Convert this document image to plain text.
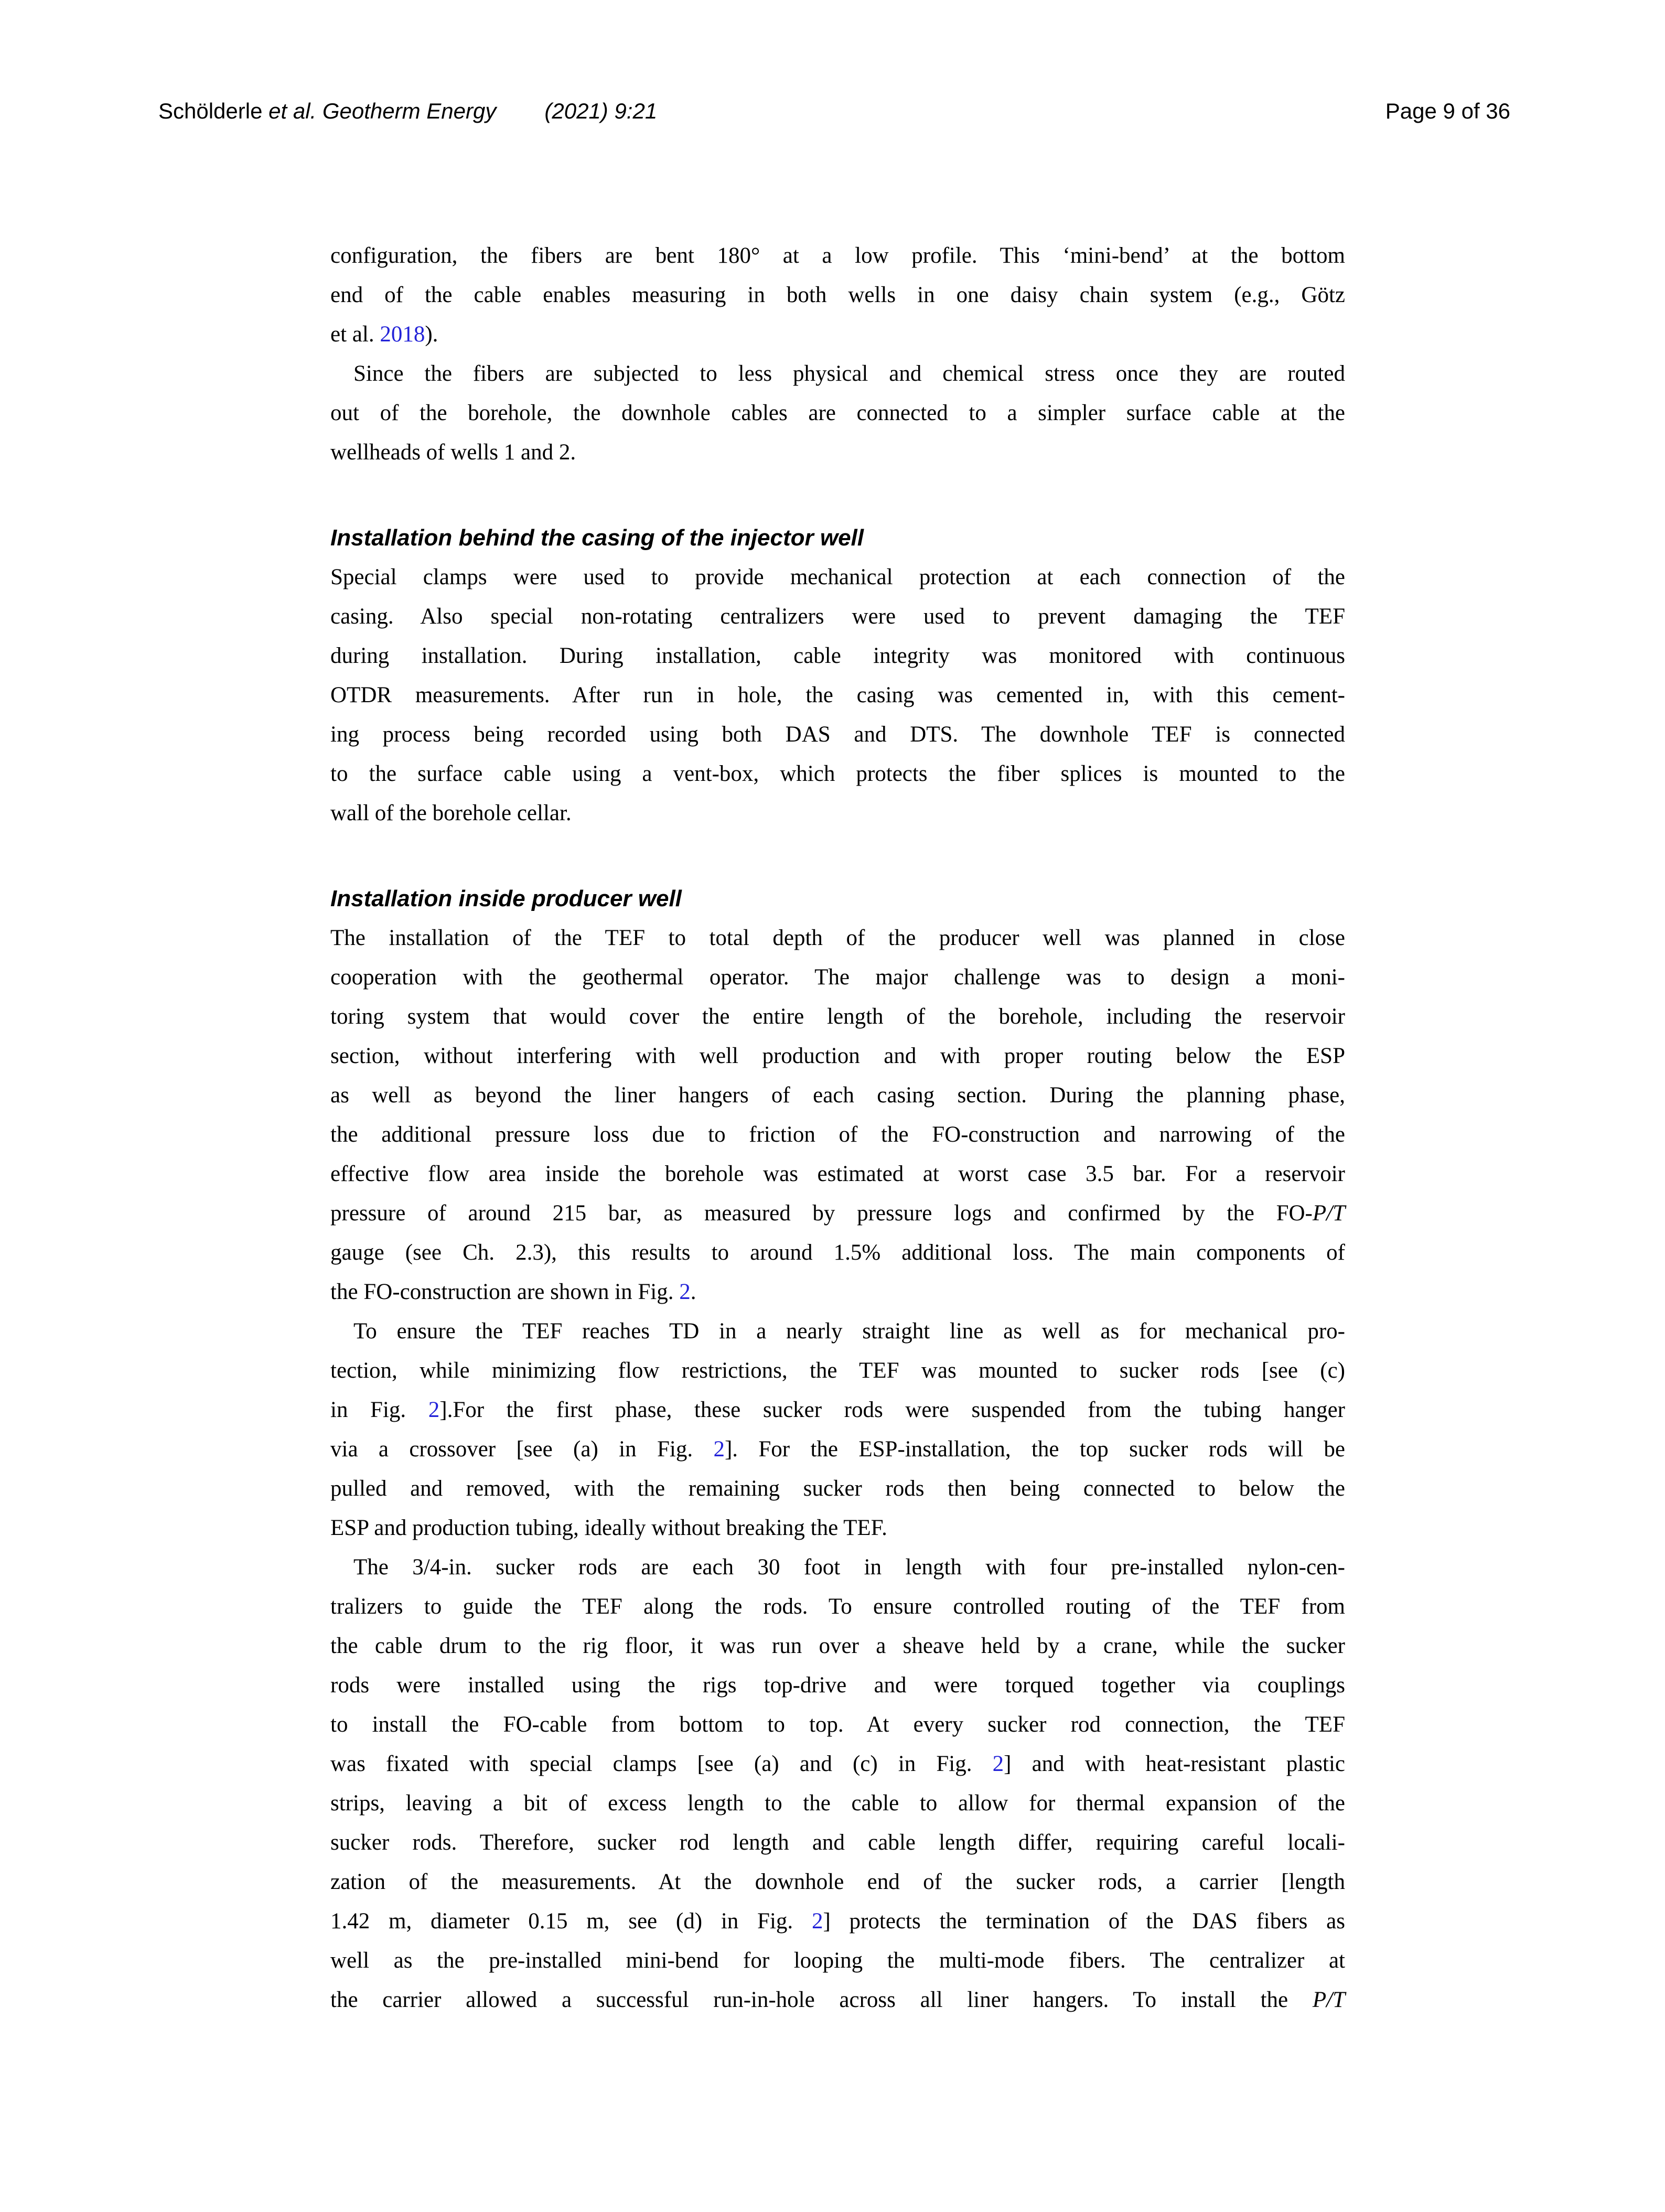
Schölderle et al. Geotherm Energy (2021) 9:21	Page 9 of 36
configuration, the fibers are bent 180° at a low profile. This ‘mini-bend’ at the bottom
end of the cable enables measuring in both wells in one daisy chain system (e.g., Götz
et al. 2018).
Since the fibers are subjected to less physical and chemical stress once they are routed
out of the borehole, the downhole cables are connected to a simpler surface cable at the
wellheads of wells 1 and 2.
Installation behind the casing of the injector well
Special clamps were used to provide mechanical protection at each connection of the
casing. Also special non-rotating centralizers were used to prevent damaging the TEF
during installation. During installation, cable integrity was monitored with continuous
OTDR measurements. After run in hole, the casing was cemented in, with this cement-
ing process being recorded using both DAS and DTS. The downhole TEF is connected
to the surface cable using a vent-box, which protects the fiber splices is mounted to the
wall of the borehole cellar.
Installation inside producer well
The installation of the TEF to total depth of the producer well was planned in close
cooperation with the geothermal operator. The major challenge was to design a moni-
toring system that would cover the entire length of the borehole, including the reservoir
section, without interfering with well production and with proper routing below the ESP
as well as beyond the liner hangers of each casing section. During the planning phase,
the additional pressure loss due to friction of the FO-construction and narrowing of the
effective flow area inside the borehole was estimated at worst case 3.5 bar. For a reservoir
pressure of around 215 bar, as measured by pressure logs and confirmed by the FO-P/T
gauge (see Ch. 2.3), this results to around 1.5% additional loss. The main components of
the FO-construction are shown in Fig. 2.
To ensure the TEF reaches TD in a nearly straight line as well as for mechanical pro-
tection, while minimizing flow restrictions, the TEF was mounted to sucker rods [see (c)
in Fig. 2].For the first phase, these sucker rods were suspended from the tubing hanger
via a crossover [see (a) in Fig. 2]. For the ESP-installation, the top sucker rods will be
pulled and removed, with the remaining sucker rods then being connected to below the
ESP and production tubing, ideally without breaking the TEF.
The 3/4-in. sucker rods are each 30 foot in length with four pre-installed nylon-cen-
tralizers to guide the TEF along the rods. To ensure controlled routing of the TEF from
the cable drum to the rig floor, it was run over a sheave held by a crane, while the sucker
rods were installed using the rigs top-drive and were torqued together via couplings
to install the FO-cable from bottom to top. At every sucker rod connection, the TEF
was fixated with special clamps [see (a) and (c) in Fig. 2] and with heat-resistant plastic
strips, leaving a bit of excess length to the cable to allow for thermal expansion of the
sucker rods. Therefore, sucker rod length and cable length differ, requiring careful locali-
zation of the measurements. At the downhole end of the sucker rods, a carrier [length
1.42 m, diameter 0.15 m, see (d) in Fig. 2] protects the termination of the DAS fibers as
well as the pre-installed mini-bend for looping the multi-mode fibers. The centralizer at
the carrier allowed a successful run-in-hole across all liner hangers. To install the P/T
